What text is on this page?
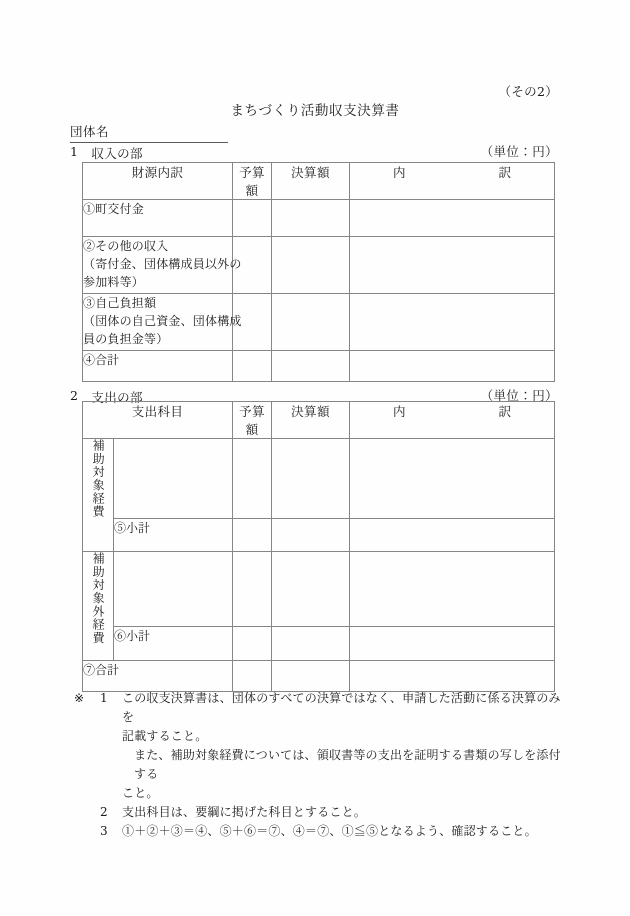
（その2）
まちづくり活動収支決算書
団体名
1 収入の部	（単位：円）
財源内訳	予算額	決算額	内 訳

①町交付金			

②その他の収入
（寄付金、団体構成員以外の
参加料等）			

③自己負担額
（団体の自己資金、団体構成
員の負担金等）			

④合計			
2 支出の部	（単位：円）
支出科目		予算額	決算額	内 訳

補助対象経費				
	⑤小計			
補助対象外経費				
	⑥小計			
⑦合計				
※	1	この収支決算書は、団体のすべての決算ではなく、申請した活動に係る決算のみを
記載すること。
また、補助対象経費については、領収書等の支出を証明する書類の写しを添付する
こと。
2	支出科目は、要綱に掲げた科目とすること。
3	①＋②＋③＝④、⑤＋⑥＝⑦、④＝⑦、①≦⑤となるよう、確認すること。
